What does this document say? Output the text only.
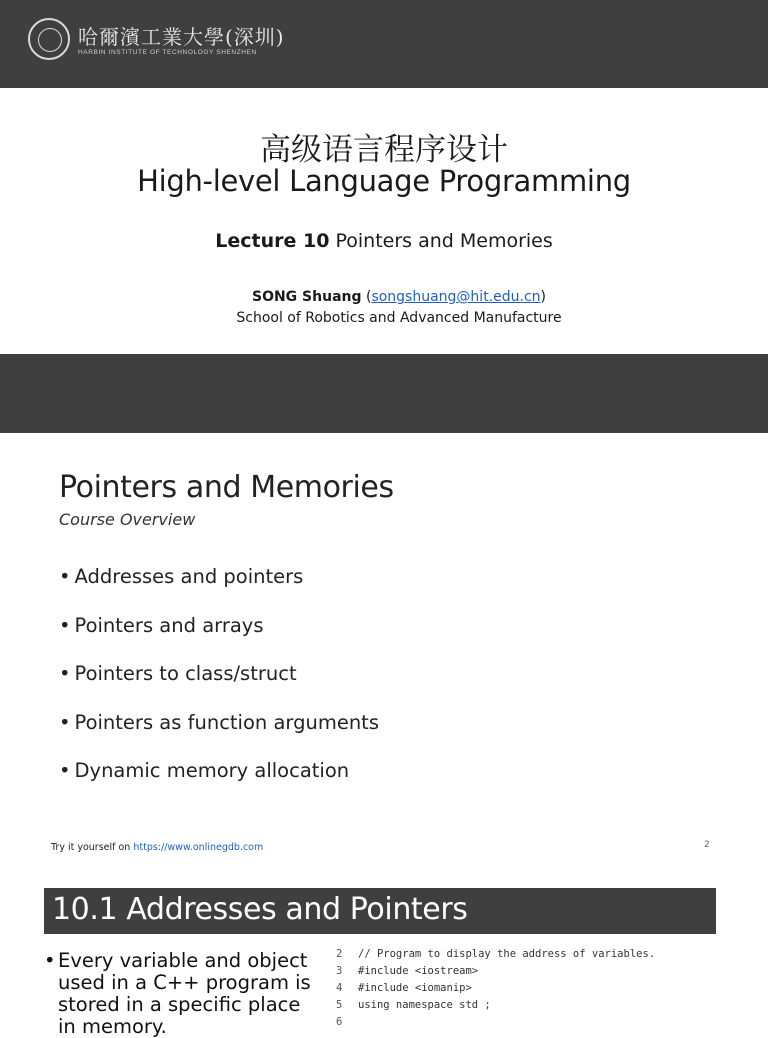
哈爾濱工業大學(深圳)
HARBIN INSTITUTE OF TECHNOLOGY SHENZHEN
高级语言程序设计
High-level Language Programming
Lecture 10 Pointers and Memories
SONG Shuang (songshuang@hit.edu.cn)
School of Robotics and Advanced Manufacture
Pointers and Memories
Course Overview
• Addresses and pointers
• Pointers and arrays
• Pointers to class/struct
• Pointers as function arguments
• Dynamic memory allocation
Try it yourself on https://www.onlinegdb.com	2
10.1 Addresses and Pointers
• Every variable and object used in a C++ program is stored in a specific place in memory.
2 // Program to display the address of variables.
3 #include <iostream>
4 #include <iomanip>
5 using namespace std ;
6
